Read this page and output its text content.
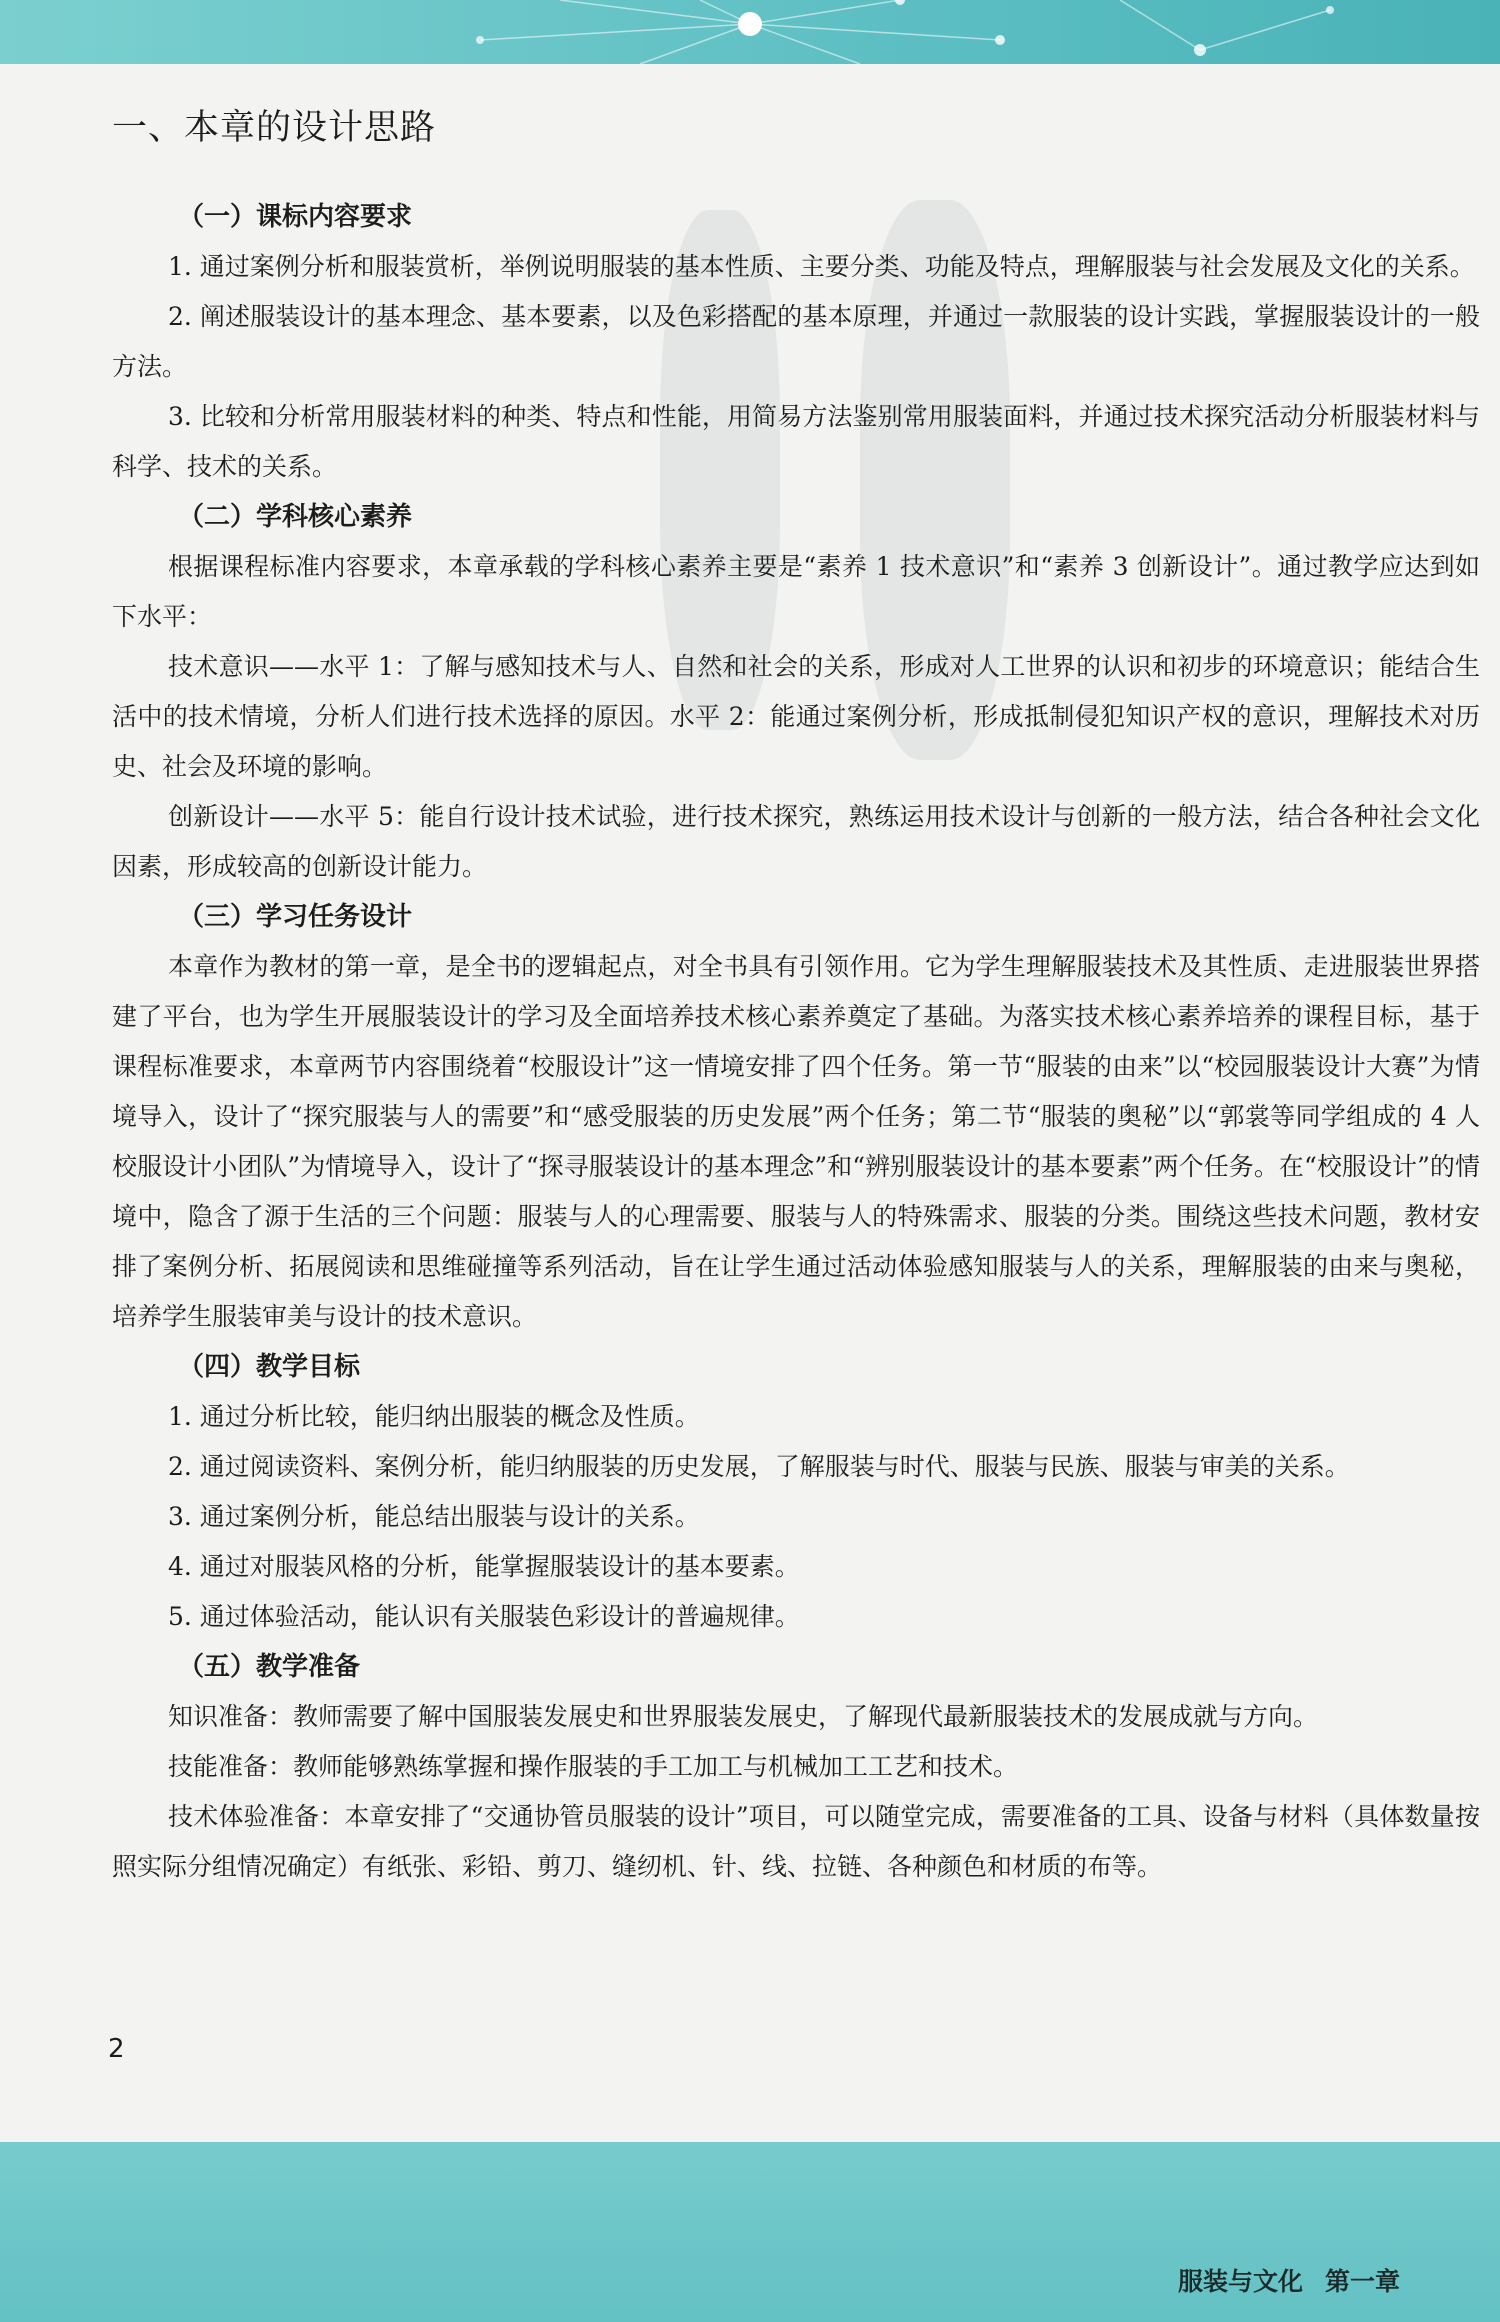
一、本章的设计思路
（一）课标内容要求

1. 通过案例分析和服装赏析，举例说明服装的基本性质、主要分类、功能及特点，理解服装与社会发展及文化的关系。

2. 阐述服装设计的基本理念、基本要素，以及色彩搭配的基本原理，并通过一款服装的设计实践，掌握服装设计的一般方法。

3. 比较和分析常用服装材料的种类、特点和性能，用简易方法鉴别常用服装面料，并通过技术探究活动分析服装材料与科学、技术的关系。

（二）学科核心素养

根据课程标准内容要求，本章承载的学科核心素养主要是“素养 1 技术意识”和“素养 3 创新设计”。通过教学应达到如下水平：

技术意识——水平 1：了解与感知技术与人、自然和社会的关系，形成对人工世界的认识和初步的环境意识；能结合生活中的技术情境，分析人们进行技术选择的原因。水平 2：能通过案例分析，形成抵制侵犯知识产权的意识，理解技术对历史、社会及环境的影响。

创新设计——水平 5：能自行设计技术试验，进行技术探究，熟练运用技术设计与创新的一般方法，结合各种社会文化因素，形成较高的创新设计能力。

（三）学习任务设计

本章作为教材的第一章，是全书的逻辑起点，对全书具有引领作用。它为学生理解服装技术及其性质、走进服装世界搭建了平台，也为学生开展服装设计的学习及全面培养技术核心素养奠定了基础。为落实技术核心素养培养的课程目标，基于课程标准要求，本章两节内容围绕着“校服设计”这一情境安排了四个任务。第一节“服装的由来”以“校园服装设计大赛”为情境导入，设计了“探究服装与人的需要”和“感受服装的历史发展”两个任务；第二节“服装的奥秘”以“郭裳等同学组成的 4 人校服设计小团队”为情境导入，设计了“探寻服装设计的基本理念”和“辨别服装设计的基本要素”两个任务。在“校服设计”的情境中，隐含了源于生活的三个问题：服装与人的心理需要、服装与人的特殊需求、服装的分类。围绕这些技术问题，教材安排了案例分析、拓展阅读和思维碰撞等系列活动，旨在让学生通过活动体验感知服装与人的关系，理解服装的由来与奥秘，培养学生服装审美与设计的技术意识。

（四）教学目标

1. 通过分析比较，能归纳出服装的概念及性质。

2. 通过阅读资料、案例分析，能归纳服装的历史发展，了解服装与时代、服装与民族、服装与审美的关系。

3. 通过案例分析，能总结出服装与设计的关系。

4. 通过对服装风格的分析，能掌握服装设计的基本要素。

5. 通过体验活动，能认识有关服装色彩设计的普遍规律。

（五）教学准备

知识准备：教师需要了解中国服装发展史和世界服装发展史，了解现代最新服装技术的发展成就与方向。

技能准备：教师能够熟练掌握和操作服装的手工加工与机械加工工艺和技术。

技术体验准备：本章安排了“交通协管员服装的设计”项目，可以随堂完成，需要准备的工具、设备与材料（具体数量按照实际分组情况确定）有纸张、彩铅、剪刀、缝纫机、针、线、拉链、各种颜色和材质的布等。

2

服装与文化 第一章
